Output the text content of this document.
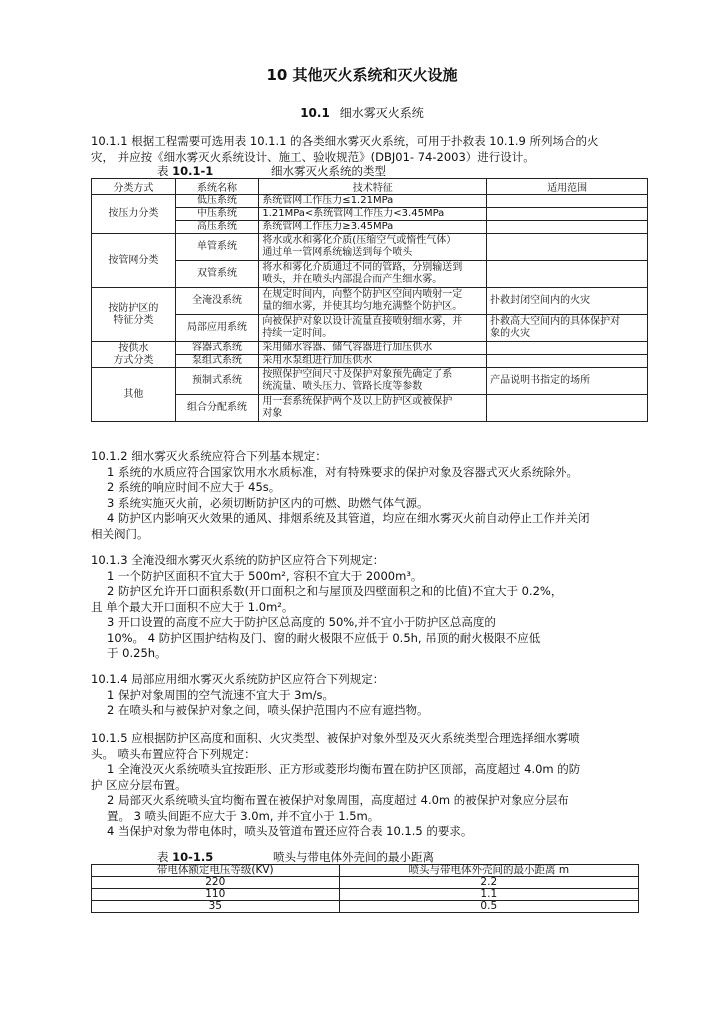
10 其他灭火系统和灭火设施
10.1 细水雾灭火系统
10.1.1 根据工程需要可选用表 10.1.1 的各类细水雾灭火系统，可用于扑救表 10.1.9 所列场合的火
灾， 并应按《细水雾灭火系统设计、施工、验收规范》(DBJ01- 74-2003）进行设计。
表 10.1-1	细水雾灭火系统的类型
分类方式	系统名称	技术特征	适用范围
按压力分类	低压系统	系统管网工作压力≤1.21MPa	
	中压系统	1.21MPa<系统管网工作压力<3.45MPa	
	高压系统	系统管网工作压力≥3.45MPa	
按管网分类	单管系统	将水或水和雾化介质(压缩空气或惰性气体）
通过单一管网系统输送到每个喷头	

	双管系统	将水和雾化介质通过不同的管路，分别输送到
喷头，并在喷头内部混合而产生细水雾。	

按防护区的
特征分类	全淹没系统	在规定时间内，向整个防护区空间内喷射一定
量的细水雾，并使其均匀地充满整个防护区。	扑救封闭空间内的火灾
	局部应用系统	向被保护对象以设计流量直接喷射细水雾，并
持续一定时间。	扑救高大空间内的具体保护对
象的火灾

按供水
方式分类	容器式系统	采用储水容器、储气容器进行加压供水	
	泵组式系统	采用水泵组进行加压供水	
其他	预制式系统	按照保护空间尺寸及保护对象预先确定了系
统流量、喷头压力、管路长度等参数	产品说明书指定的场所
	组合分配系统	用一套系统保护两个及以上防护区或被保护
对象	

10.1.2 细水雾灭火系统应符合下列基本规定：
1 系统的水质应符合国家饮用水水质标准，对有特殊要求的保护对象及容器式灭火系统除外。
2 系统的响应时间不应大于 45s。
3 系统实施灭火前，必须切断防护区内的可燃、助燃气体气源。
4 防护区内影响灭火效果的通风、排烟系统及其管道，均应在细水雾灭火前自动停止工作并关闭
相关阀门。
10.1.3 全淹没细水雾灭火系统的防护区应符合下列规定：
1 一个防护区面积不宜大于 500m², 容积不宜大于 2000m³。
2 防护区允许开口面积系数(开口面积之和与屋顶及四壁面积之和的比值)不宜大于 0.2%，
且 单个最大开口面积不应大于 1.0m²。
3 开口设置的高度不应大于防护区总高度的 50%,并不宜小于防护区总高度的
10%。 4 防护区围护结构及门、窗的耐火极限不应低于 0.5h, 吊顶的耐火极限不应低
于 0.25h。
10.1.4 局部应用细水雾灭火系统防护区应符合下列规定：
1 保护对象周围的空气流速不宜大于 3m/s。
2 在喷头和与被保护对象之间，喷头保护范围内不应有遮挡物。
10.1.5 应根据防护区高度和面积、火灾类型、被保护对象外型及灭火系统类型合理选择细水雾喷
头。 喷头布置应符合下列规定：
1 全淹没灭火系统喷头宜按距形、正方形或菱形均衡布置在防护区顶部，高度超过 4.0m 的防
护 区应分层布置。
2 局部灭火系统喷头宜均衡布置在被保护对象周围，高度超过 4.0m 的被保护对象应分层布
置。 3 喷头间距不应大于 3.0m, 并不宜小于 1.5m。
4 当保护对象为带电体时，喷头及管道布置还应符合表 10.1.5 的要求。
表 10-1.5	喷头与带电体外壳间的最小距离
带电体额定电压等级(KV)	喷头与带电体外壳间的最小距离 m
220	2.2
110	1.1
35	0.5
